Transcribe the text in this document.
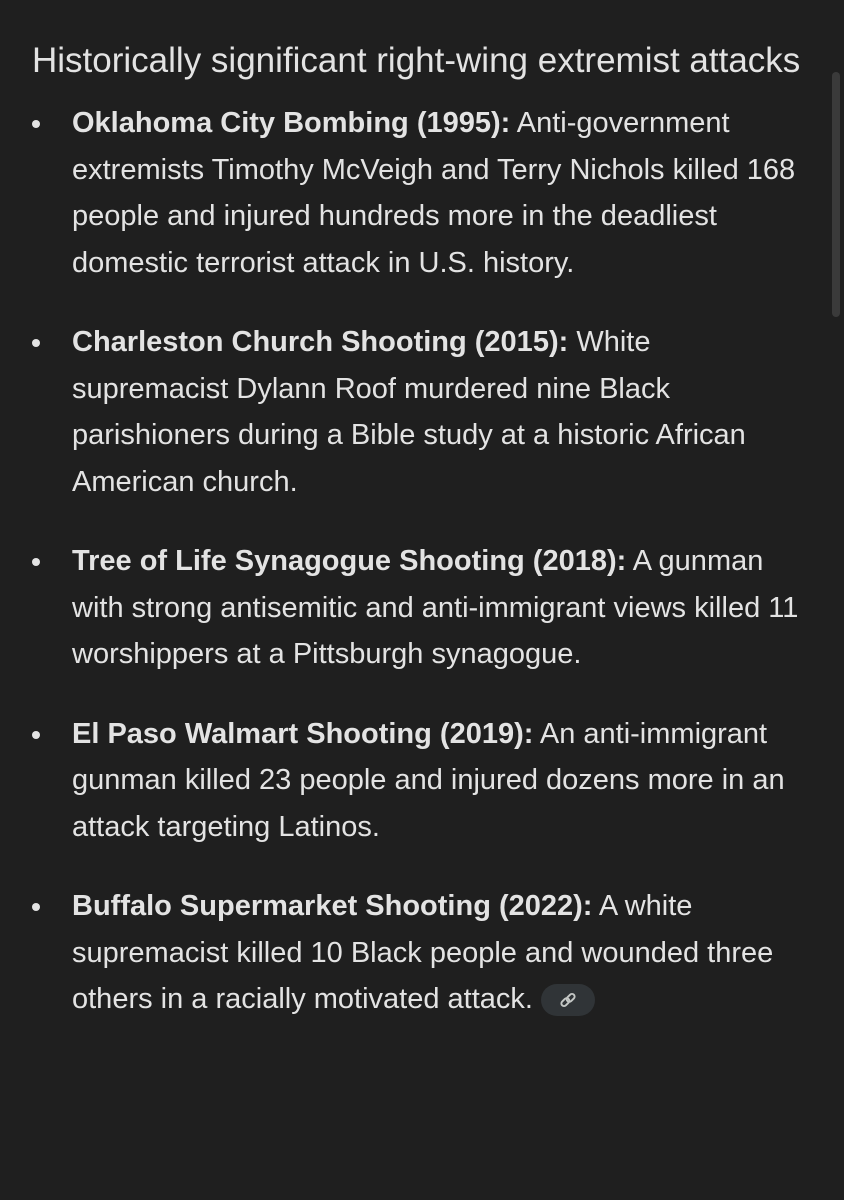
Historically significant right-wing extremist attacks
Oklahoma City Bombing (1995): Anti-government extremists Timothy McVeigh and Terry Nichols killed 168 people and injured hundreds more in the deadliest domestic terrorist attack in U.S. history.
Charleston Church Shooting (2015): White supremacist Dylann Roof murdered nine Black parishioners during a Bible study at a historic African American church.
Tree of Life Synagogue Shooting (2018): A gunman with strong antisemitic and anti-immigrant views killed 11 worshippers at a Pittsburgh synagogue.
El Paso Walmart Shooting (2019): An anti-immigrant gunman killed 23 people and injured dozens more in an attack targeting Latinos.
Buffalo Supermarket Shooting (2022): A white supremacist killed 10 Black people and wounded three others in a racially motivated attack.
